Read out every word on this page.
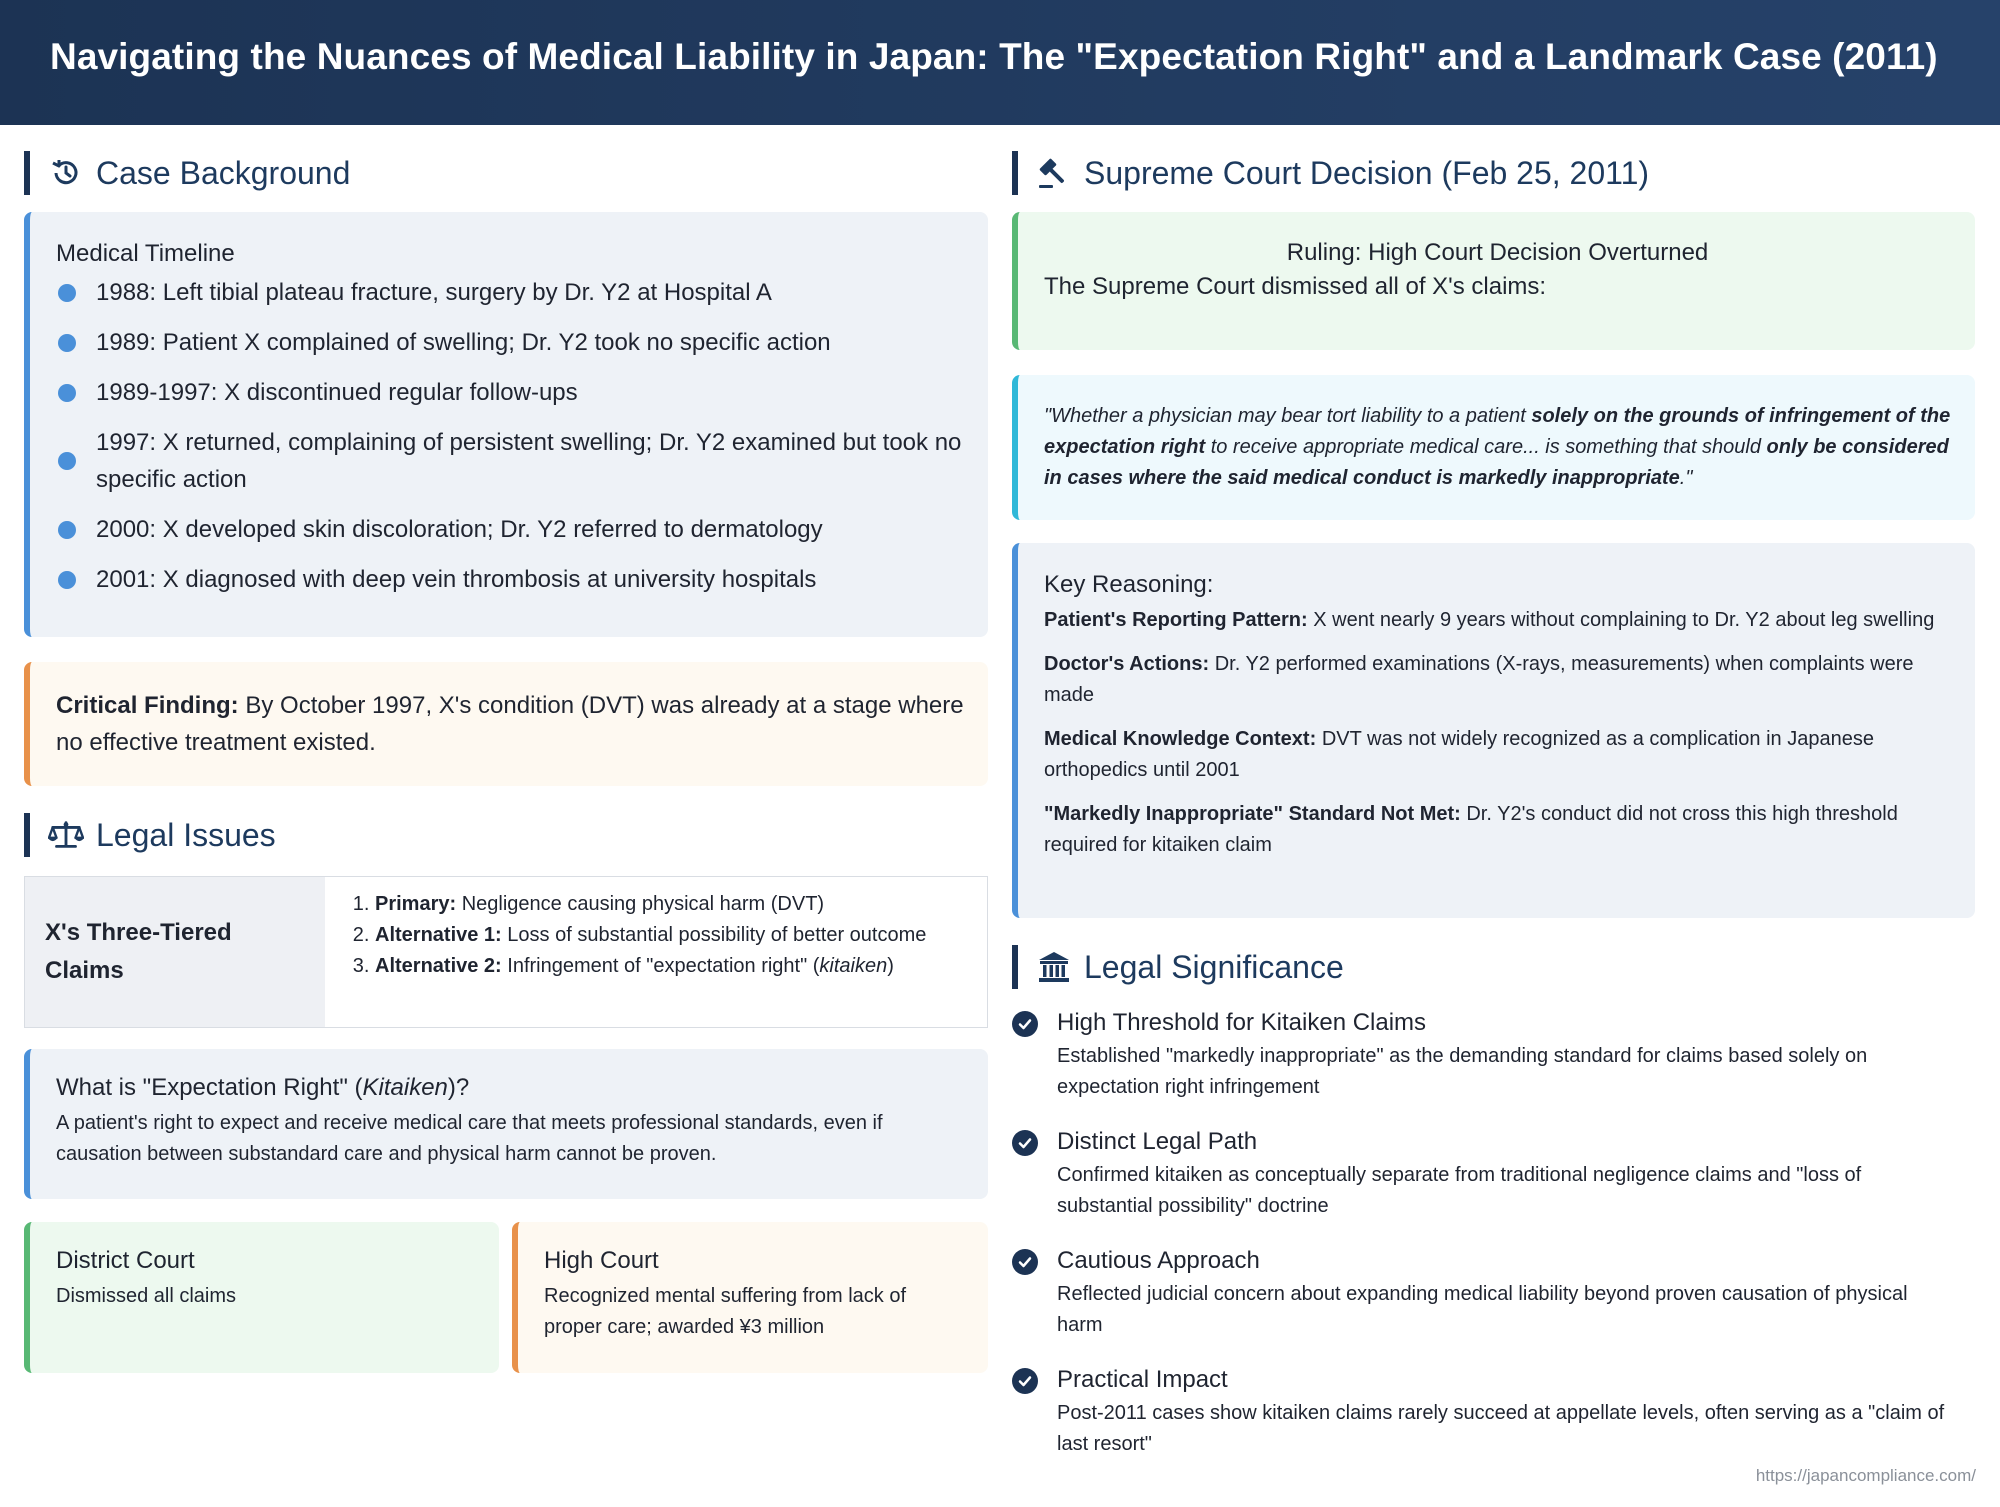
Navigating the Nuances of Medical Liability in Japan: The "Expectation Right" and a Landmark Case (2011)
Case Background
Medical Timeline
1988: Left tibial plateau fracture, surgery by Dr. Y2 at Hospital A
1989: Patient X complained of swelling; Dr. Y2 took no specific action
1989-1997: X discontinued regular follow-ups
1997: X returned, complaining of persistent swelling; Dr. Y2 examined but took no specific action
2000: X developed skin discoloration; Dr. Y2 referred to dermatology
2001: X diagnosed with deep vein thrombosis at university hospitals
Critical Finding: By October 1997, X's condition (DVT) was already at a stage where no effective treatment existed.
Legal Issues
X's Three-Tiered Claims
1. Primary: Negligence causing physical harm (DVT)
2. Alternative 1: Loss of substantial possibility of better outcome
3. Alternative 2: Infringement of "expectation right" (kitaiken)
What is "Expectation Right" (Kitaiken)?
A patient's right to expect and receive medical care that meets professional standards, even if causation between substandard care and physical harm cannot be proven.
District Court
Dismissed all claims
High Court
Recognized mental suffering from lack of proper care; awarded ¥3 million
Supreme Court Decision (Feb 25, 2011)
Ruling: High Court Decision Overturned
The Supreme Court dismissed all of X's claims:
"Whether a physician may bear tort liability to a patient solely on the grounds of infringement of the expectation right to receive appropriate medical care... is something that should only be considered in cases where the said medical conduct is markedly inappropriate."
Key Reasoning:
Patient's Reporting Pattern: X went nearly 9 years without complaining to Dr. Y2 about leg swelling
Doctor's Actions: Dr. Y2 performed examinations (X-rays, measurements) when complaints were made
Medical Knowledge Context: DVT was not widely recognized as a complication in Japanese orthopedics until 2001
"Markedly Inappropriate" Standard Not Met: Dr. Y2's conduct did not cross this high threshold required for kitaiken claim
Legal Significance
High Threshold for Kitaiken Claims
Established "markedly inappropriate" as the demanding standard for claims based solely on expectation right infringement
Distinct Legal Path
Confirmed kitaiken as conceptually separate from traditional negligence claims and "loss of substantial possibility" doctrine
Cautious Approach
Reflected judicial concern about expanding medical liability beyond proven causation of physical harm
Practical Impact
Post-2011 cases show kitaiken claims rarely succeed at appellate levels, often serving as a "claim of last resort"
https://japancompliance.com/
